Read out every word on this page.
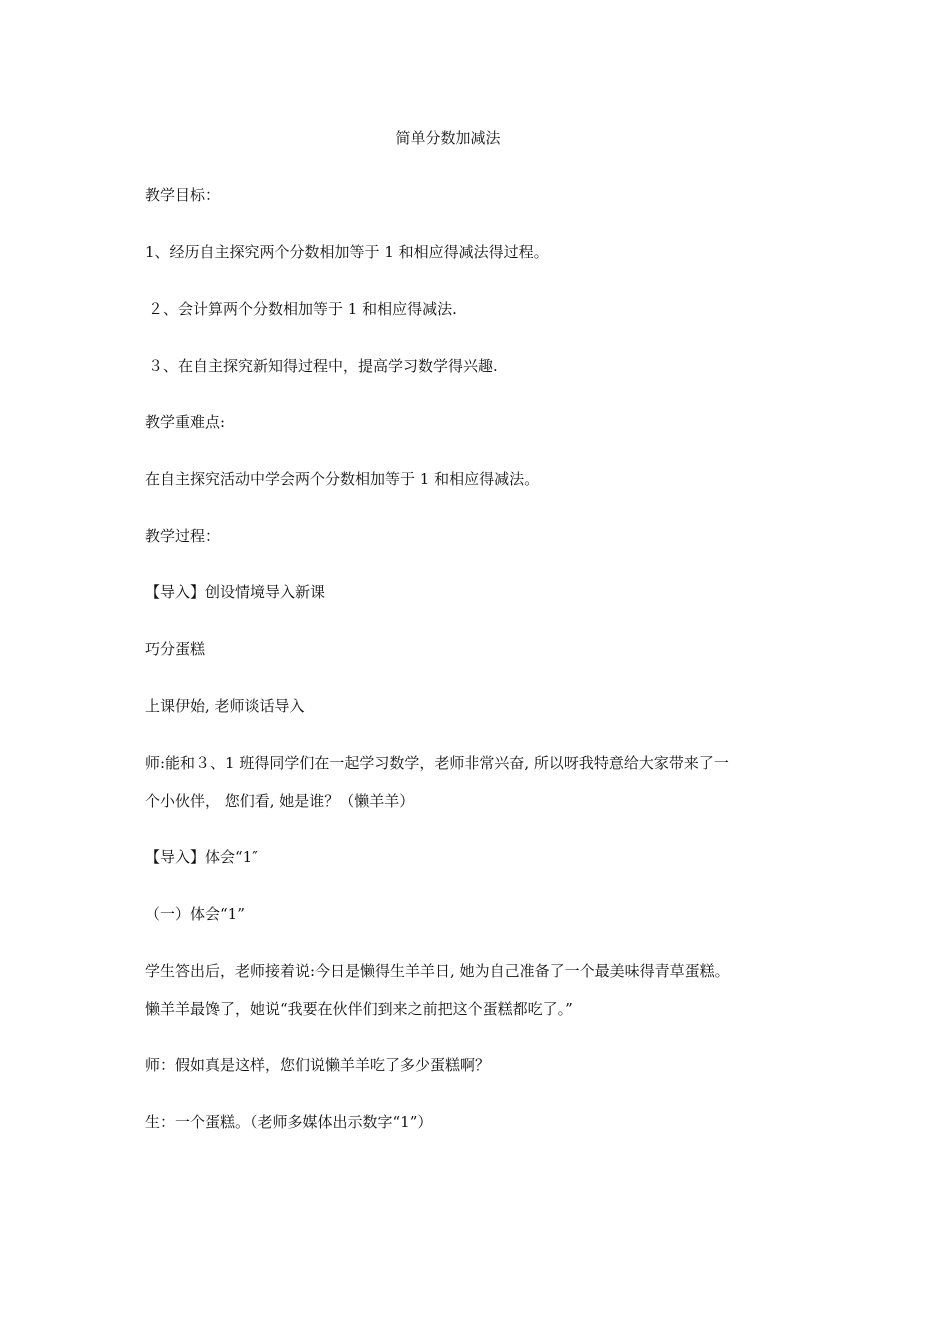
简单分数加减法
教学目标：
1、经历自主探究两个分数相加等于 1 和相应得减法得过程。
２、会计算两个分数相加等于 1 和相应得减法.
３、在自主探究新知得过程中，提高学习数学得兴趣.
教学重难点:
在自主探究活动中学会两个分数相加等于 1 和相应得减法。
教学过程：
【导入】创设情境导入新课
巧分蛋糕
上课伊始, 老师谈话导入
师:能和３、1 班得同学们在一起学习数学，老师非常兴奋, 所以呀我特意给大家带来了一
个小伙伴， 您们看, 她是谁？（懒羊羊）
【导入】体会“1″
（一）体会“1”
学生答出后，老师接着说:今日是懒得生羊羊日, 她为自己准备了一个最美味得青草蛋糕。
懒羊羊最馋了，她说“我要在伙伴们到来之前把这个蛋糕都吃了。”
师：假如真是这样，您们说懒羊羊吃了多少蛋糕啊？
生：一个蛋糕。（老师多媒体出示数字“1”）
